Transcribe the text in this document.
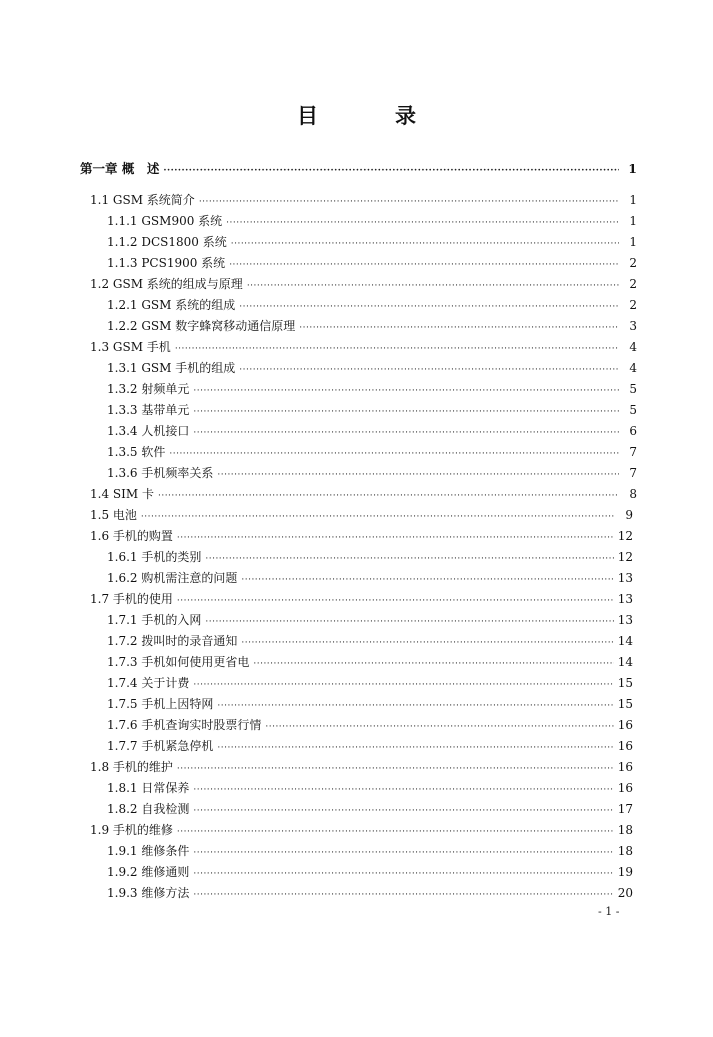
目　录
第一章 概　述 ·····	1
1.1 GSM 系统简介 ·····	1
1.1.1 GSM900 系统 ·····	1
1.1.2 DCS1800 系统 ·····	1
1.1.3 PCS1900 系统 ·····	2
1.2 GSM 系统的组成与原理 ·····	2
1.2.1 GSM 系统的组成 ·····	2
1.2.2 GSM 数字蜂窝移动通信原理 ·····	3
1.3 GSM 手机 ·····	4
1.3.1 GSM 手机的组成 ·····	4
1.3.2 射频单元 ·····	5
1.3.3 基带单元 ·····	5
1.3.4 人机接口 ·····	6
1.3.5 软件 ·····	7
1.3.6 手机频率关系 ·····	7
1.4 SIM 卡 ·····	8
1.5 电池 ·····	9
1.6 手机的购置 ·····	12
1.6.1 手机的类别 ·····	12
1.6.2 购机需注意的问题 ·····	13
1.7 手机的使用 ·····	13
1.7.1 手机的入网 ·····	13
1.7.2 拨叫时的录音通知 ·····	14
1.7.3 手机如何使用更省电 ·····	14
1.7.4 关于计费 ·····	15
1.7.5 手机上因特网 ·····	15
1.7.6 手机查询实时股票行情 ·····	16
1.7.7 手机紧急停机 ·····	16
1.8 手机的维护 ·····	16
1.8.1 日常保养 ·····	16
1.8.2 自我检测 ·····	17
1.9 手机的维修 ·····	18
1.9.1 维修条件 ·····	18
1.9.2 维修通则 ·····	19
1.9.3 维修方法 ·····	20
- 1 -
